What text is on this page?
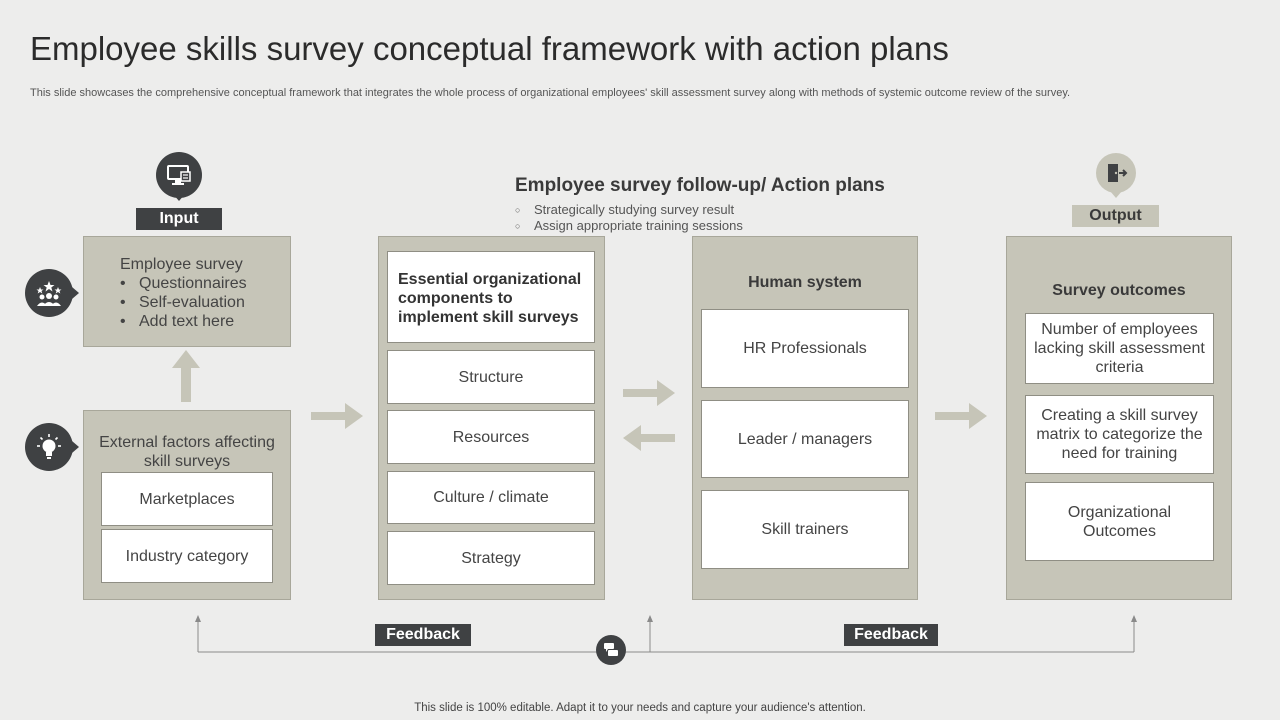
Employee skills survey conceptual framework with action plans
This slide showcases the comprehensive conceptual framework that integrates the whole process of organizational employees' skill assessment survey along with methods of systemic outcome review of the survey.
Input
Employee survey
• Questionnaires
• Self-evaluation
• Add text here
External factors affecting skill surveys
Marketplaces
Industry category
Employee survey follow-up/ Action plans
○ Strategically studying survey result
○ Assign appropriate training sessions
Essential organizational components to implement skill surveys
Structure
Resources
Culture / climate
Strategy
Human system
HR Professionals
Leader / managers
Skill trainers
Output
Survey outcomes
Number of employees lacking skill assessment criteria
Creating a skill survey matrix to categorize the need for training
Organizational Outcomes
Feedback	Feedback
This slide is 100% editable. Adapt it to your needs and capture your audience's attention.
